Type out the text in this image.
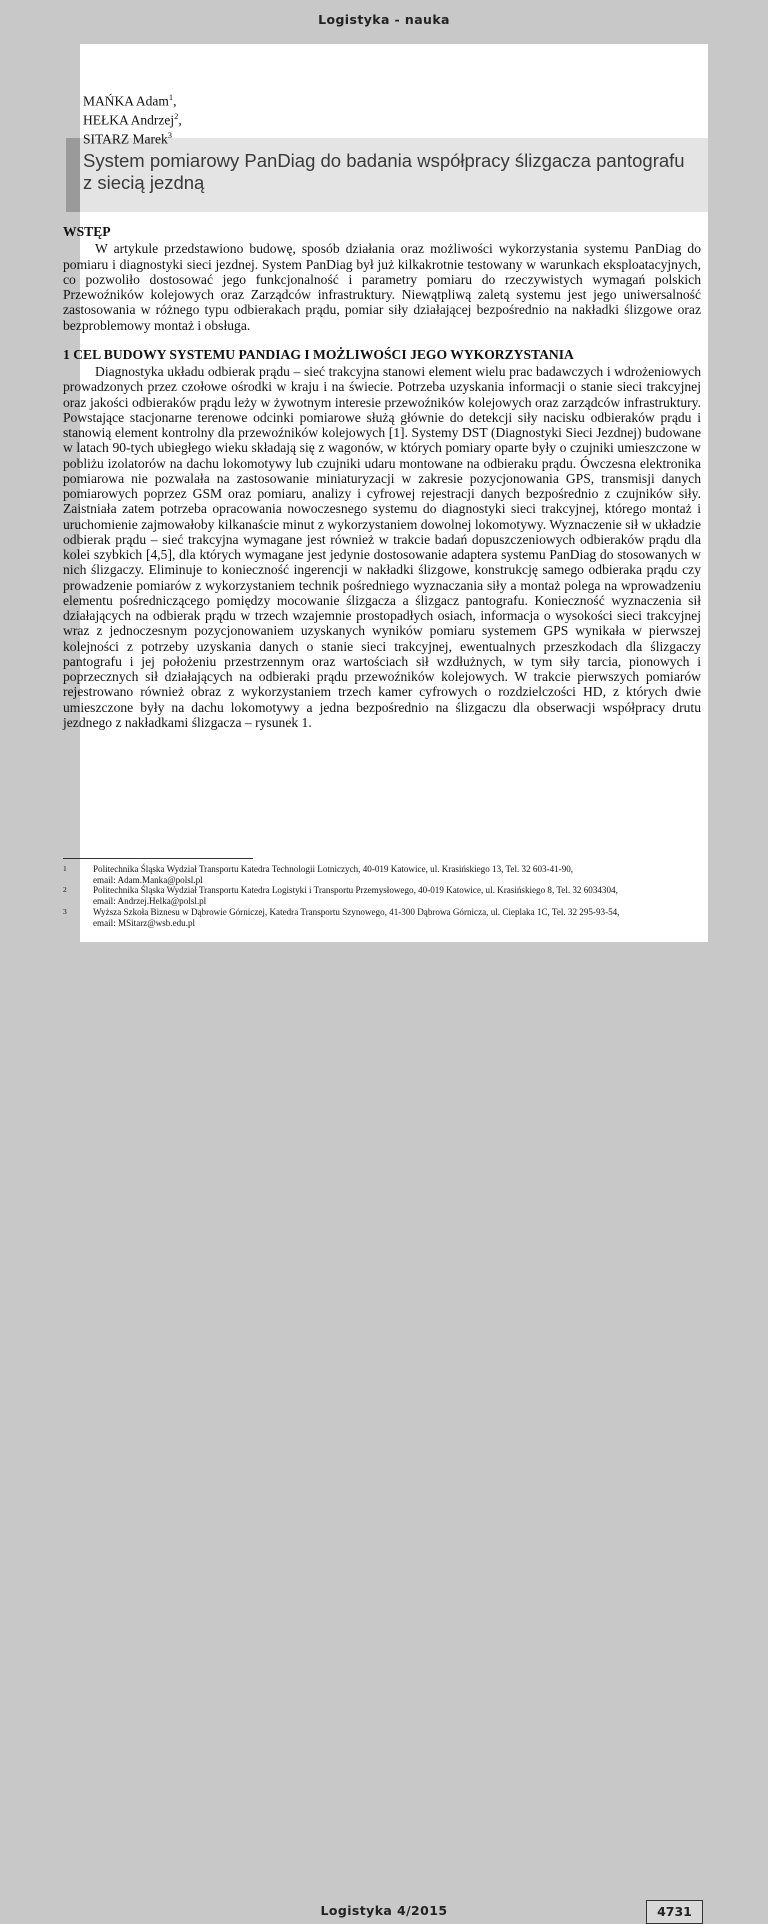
Logistyka - nauka
MAŃKA Adam$^1$,
HEŁKA Andrzej$^2$,
SITARZ Marek$^3$
System pomiarowy PanDiag do badania współpracy ślizgacza pantografu z siecią jezdną
WSTĘP

W artykule przedstawiono budowę, sposób działania oraz możliwości wykorzystania systemu PanDiag do pomiaru i diagnostyki sieci jezdnej. System PanDiag był już kilkakrotnie testowany w warunkach eksploatacyjnych, co pozwoliło dostosować jego funkcjonalność i parametry pomiaru do rzeczywistych wymagań polskich Przewoźników kolejowych oraz Zarządców infrastruktury. Niewątpliwą zaletą systemu jest jego uniwersalność zastosowania w różnego typu odbierakach prądu, pomiar siły działającej bezpośrednio na nakładki ślizgowe oraz bezproblemowy montaż i obsługa.

1 CEL BUDOWY SYSTEMU PANDIAG I MOŻLIWOŚCI JEGO WYKORZYSTANIA

Diagnostyka układu odbierak prądu – sieć trakcyjna stanowi element wielu prac badawczych i wdrożeniowych prowadzonych przez czołowe ośrodki w kraju i na świecie. Potrzeba uzyskania informacji o stanie sieci trakcyjnej oraz jakości odbieraków prądu leży w żywotnym interesie przewoźników kolejowych oraz zarządców infrastruktury. Powstające stacjonarne terenowe odcinki pomiarowe służą głównie do detekcji siły nacisku odbieraków prądu i stanowią element kontrolny dla przewoźników kolejowych [1]. Systemy DST (Diagnostyki Sieci Jezdnej) budowane w latach 90-tych ubiegłego wieku składają się z wagonów, w których pomiary oparte były o czujniki umieszczone w pobliżu izolatorów na dachu lokomotywy lub czujniki udaru montowane na odbieraku prądu. Ówczesna elektronika pomiarowa nie pozwalała na zastosowanie miniaturyzacji w zakresie pozycjonowania GPS, transmisji danych pomiarowych poprzez GSM oraz pomiaru, analizy i cyfrowej rejestracji danych bezpośrednio z czujników siły. Zaistniała zatem potrzeba opracowania nowoczesnego systemu do diagnostyki sieci trakcyjnej, którego montaż i uruchomienie zajmowałoby kilkanaście minut z wykorzystaniem dowolnej lokomotywy. Wyznaczenie sił w układzie odbierak prądu – sieć trakcyjna wymagane jest również w trakcie badań dopuszczeniowych odbieraków prądu dla kolei szybkich [4,5], dla których wymagane jest jedynie dostosowanie adaptera systemu PanDiag do stosowanych w nich ślizgaczy. Eliminuje to konieczność ingerencji w nakładki ślizgowe, konstrukcję samego odbieraka prądu czy prowadzenie pomiarów z wykorzystaniem technik pośredniego wyznaczania siły a montaż polega na wprowadzeniu elementu pośredniczącego pomiędzy mocowanie ślizgacza a ślizgacz pantografu. Konieczność wyznaczenia sił działających na odbierak prądu w trzech wzajemnie prostopadłych osiach, informacja o wysokości sieci trakcyjnej wraz z jednoczesnym pozycjonowaniem uzyskanych wyników pomiaru systemem GPS wynikała w pierwszej kolejności z potrzeby uzyskania danych o stanie sieci trakcyjnej, ewentualnych przeszkodach dla ślizgaczy pantografu i jej położeniu przestrzennym oraz wartościach sił wzdłużnych, w tym siły tarcia, pionowych i poprzecznych sił działających na odbieraki prądu przewoźników kolejowych. W trakcie pierwszych pomiarów rejestrowano również obraz z wykorzystaniem trzech kamer cyfrowych o rozdzielczości HD, z których dwie umieszczone były na dachu lokomotywy a jedna bezpośrednio na ślizgaczu dla obserwacji współpracy drutu jezdnego z nakładkami ślizgacza – rysunek 1.

1	Politechnika Śląska Wydział Transportu Katedra Technologii Lotniczych, 40-019 Katowice, ul. Krasińskiego 13, Tel. 32 603-41-90,
email: Adam.Manka@polsl.pl
2	Politechnika Śląska Wydział Transportu Katedra Logistyki i Transportu Przemysłowego, 40-019 Katowice, ul. Krasińskiego 8, Tel. 32 6034304,
email: Andrzej.Helka@polsl.pl
3	Wyższa Szkoła Biznesu w Dąbrowie Górniczej, Katedra Transportu Szynowego, 41-300 Dąbrowa Górnicza, ul. Cieplaka 1C, Tel. 32 295-93-54,
email: MSitarz@wsb.edu.pl
Logistyka 4/2015	4731
